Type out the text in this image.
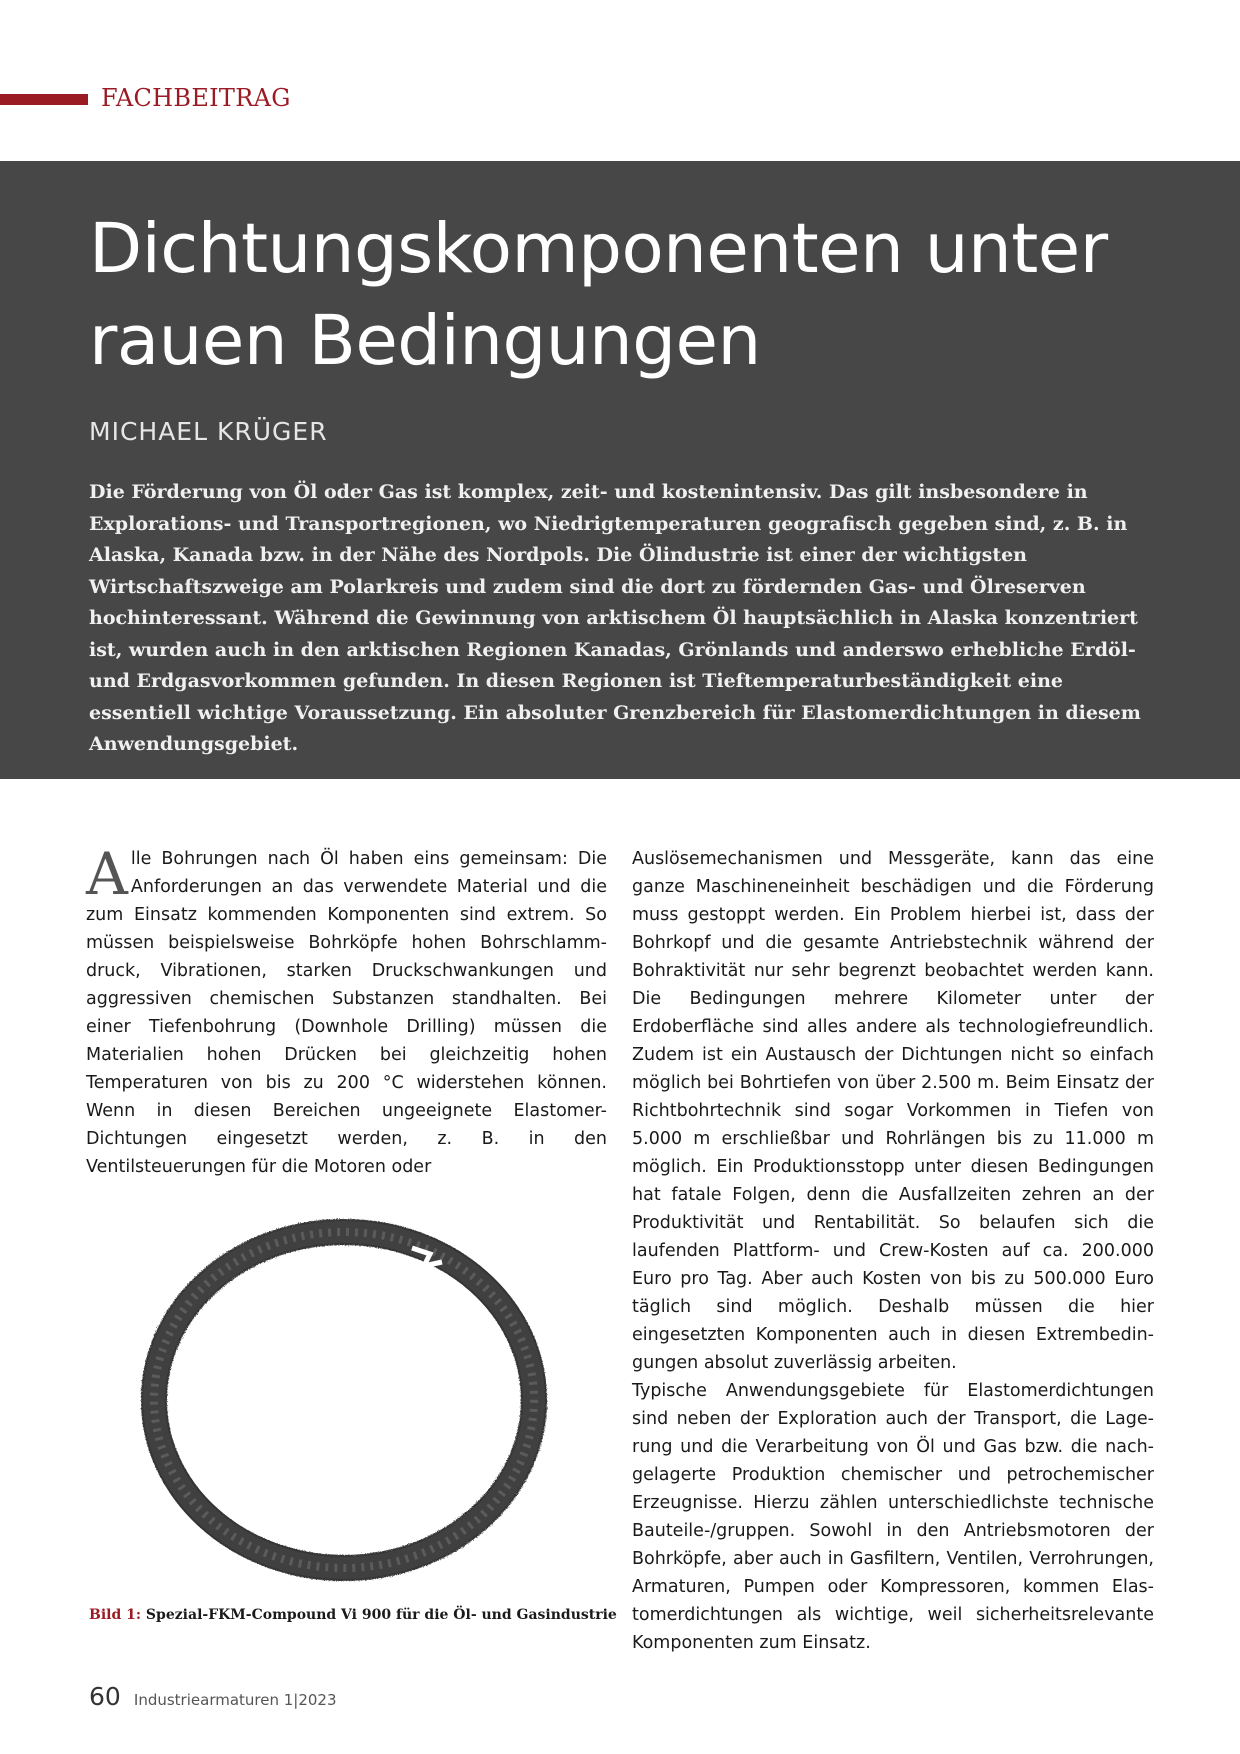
FACHBEITRAG
Dichtungskomponenten unter rauen Bedingungen
MICHAEL KRÜGER

Die Förderung von Öl oder Gas ist komplex, zeit- und kostenintensiv. Das gilt insbesondere in Explorations- und Transportregionen, wo Niedrigtemperaturen geografisch gegeben sind, z. B. in Alaska, Kanada bzw. in der Nähe des Nordpols. Die Ölindustrie ist einer der wichtigsten Wirtschaftszweige am Polarkreis und zudem sind die dort zu fördernden Gas- und Ölreserven hochinteressant. Während die Gewinnung von arktischem Öl hauptsächlich in Alaska konzentriert ist, wurden auch in den arktischen Regionen Kanadas, Grönlands und anderswo erhebliche Erdöl- und Erdgasvorkommen gefunden. In diesen Regionen ist Tieftemperaturbeständigkeit eine essentiell wichtige Voraussetzung. Ein absoluter Grenzbereich für Elastomerdichtungen in diesem Anwendungsgebiet.

A lle Bohrungen nach Öl haben eins gemeinsam: Die Anforderungen an das verwendete Material und die zum Einsatz kommenden Komponenten sind extrem. So müssen beispielsweise Bohrköpfe hohen Bohrschlammdruck, Vibrationen, starken Druckschwankungen und aggressiven chemischen Substanzen standhalten. Bei einer Tiefenbohrung (Downhole Drilling) müssen die Materialien hohen Drücken bei gleichzeitig hohen Temperaturen von bis zu 200 °C widerstehen können. Wenn in diesen Bereichen ungeeignete Elastomer-Dichtungen eingesetzt werden, z. B. in den Ventilsteuerungen für die Motoren oder

Bild 1: Spezial-FKM-Compound Vi 900 für die Öl- und Gasindustrie

Auslösemechanismen und Messgeräte, kann das eine ganze Maschineneinheit beschädigen und die Förderung muss gestoppt werden. Ein Problem hierbei ist, dass der Bohrkopf und die gesamte Antriebstechnik während der Bohraktivität nur sehr begrenzt beobachtet werden kann. Die Bedingungen mehrere Kilometer unter der Erdoberfläche sind alles andere als technologiefreundlich. Zudem ist ein Austausch der Dichtungen nicht so einfach möglich bei Bohrtiefen von über 2.500 m. Beim Einsatz der Richtbohrtechnik sind sogar Vorkommen in Tiefen von 5.000 m erschließbar und Rohrlängen bis zu 11.000 m möglich. Ein Produktionsstopp unter diesen Bedingungen hat fatale Folgen, denn die Ausfallzeiten zehren an der Produktivität und Rentabilität. So belaufen sich die laufenden Plattform- und Crew-Kosten auf ca. 200.000 Euro pro Tag. Aber auch Kosten von bis zu 500.000 Euro täglich sind möglich. Deshalb müssen die hier eingesetzten Komponenten auch in diesen Extrembedingungen absolut zuverlässig arbeiten.

Typische Anwendungsgebiete für Elastomerdichtungen sind neben der Exploration auch der Transport, die Lagerung und die Verarbeitung von Öl und Gas bzw. die nachgelagerte Produktion chemischer und petrochemischer Erzeugnisse. Hierzu zählen unterschiedlichste technische Bauteile-/gruppen. Sowohl in den Antriebsmotoren der Bohrköpfe, aber auch in Gasfiltern, Ventilen, Verrohrungen, Armaturen, Pumpen oder Kompressoren, kommen Elastomerdichtungen als wichtige, weil sicherheitsrelevante Komponenten zum Einsatz.

60 Industriearmaturen 1|2023
